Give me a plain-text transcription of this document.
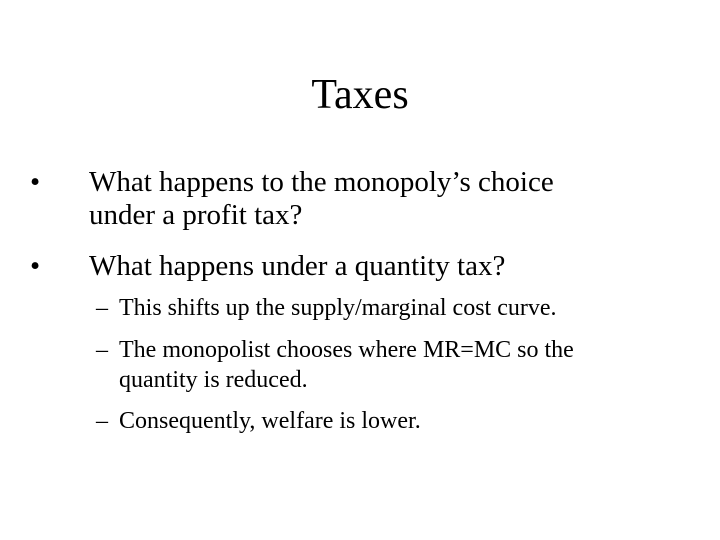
Taxes
• What happens to the monopoly’s choice
under a profit tax?
• What happens under a quantity tax?
– This shifts up the supply/marginal cost curve.
– The monopolist chooses where MR=MC so the
quantity is reduced.
– Consequently, welfare is lower.
